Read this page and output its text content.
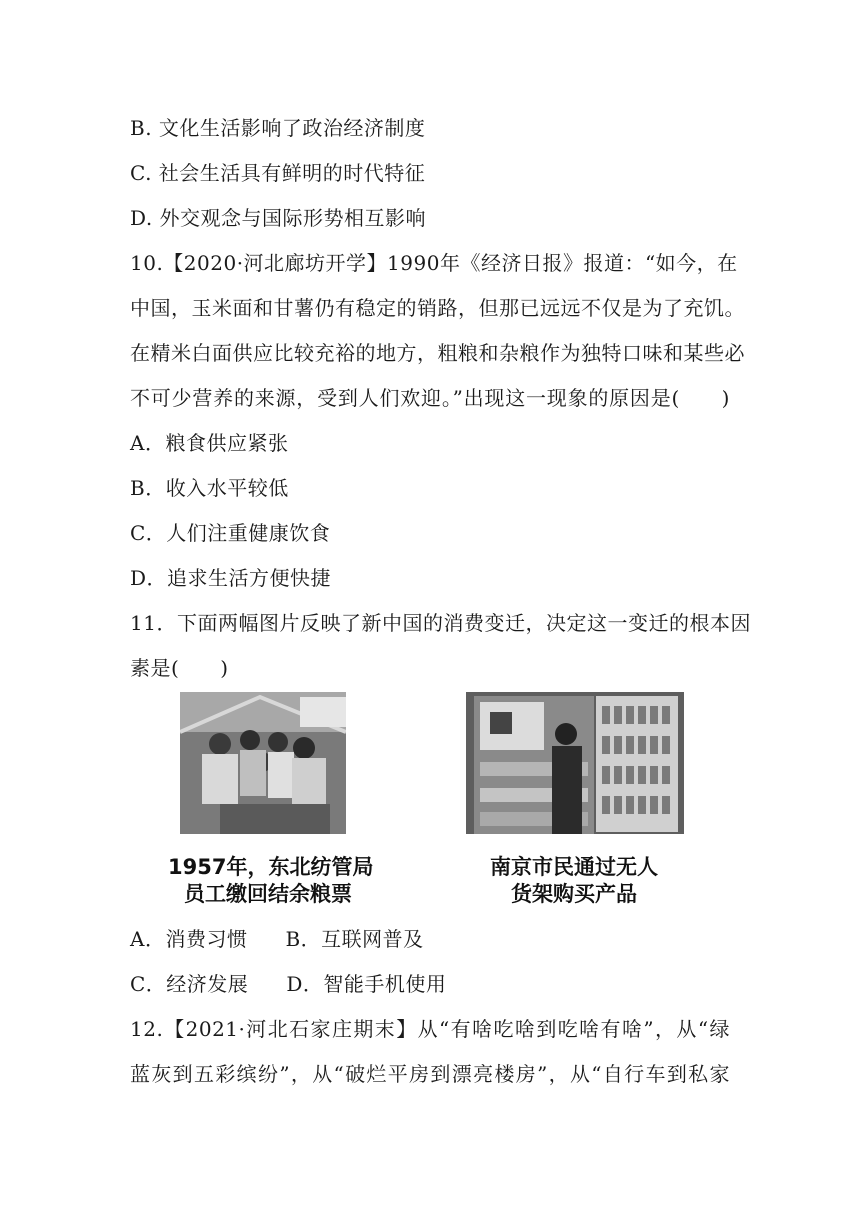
B. 文化生活影响了政治经济制度
C. 社会生活具有鲜明的时代特征
D. 外交观念与国际形势相互影响
10.【2020·河北廊坊开学】1990年《经济日报》报道：“如今，在
中国，玉米面和甘薯仍有稳定的销路，但那已远远不仅是为了充饥。
在精米白面供应比较充裕的地方，粗粮和杂粮作为独特口味和某些必
不可少营养的来源，受到人们欢迎。”出现这一现象的原因是(　　)
A．粮食供应紧张
B．收入水平较低
C．人们注重健康饮食
D．追求生活方便快捷
11．下面两幅图片反映了新中国的消费变迁，决定这一变迁的根本因
素是(　　)
1957年，东北纺管局
员工缴回结余粮票
南京市民通过无人
货架购买产品
A．消费习惯 B．互联网普及
C．经济发展 D．智能手机使用
12.【2021·河北石家庄期末】从“有啥吃啥到吃啥有啥”，从“绿
蓝灰到五彩缤纷”，从“破烂平房到漂亮楼房”，从“自行车到私家
